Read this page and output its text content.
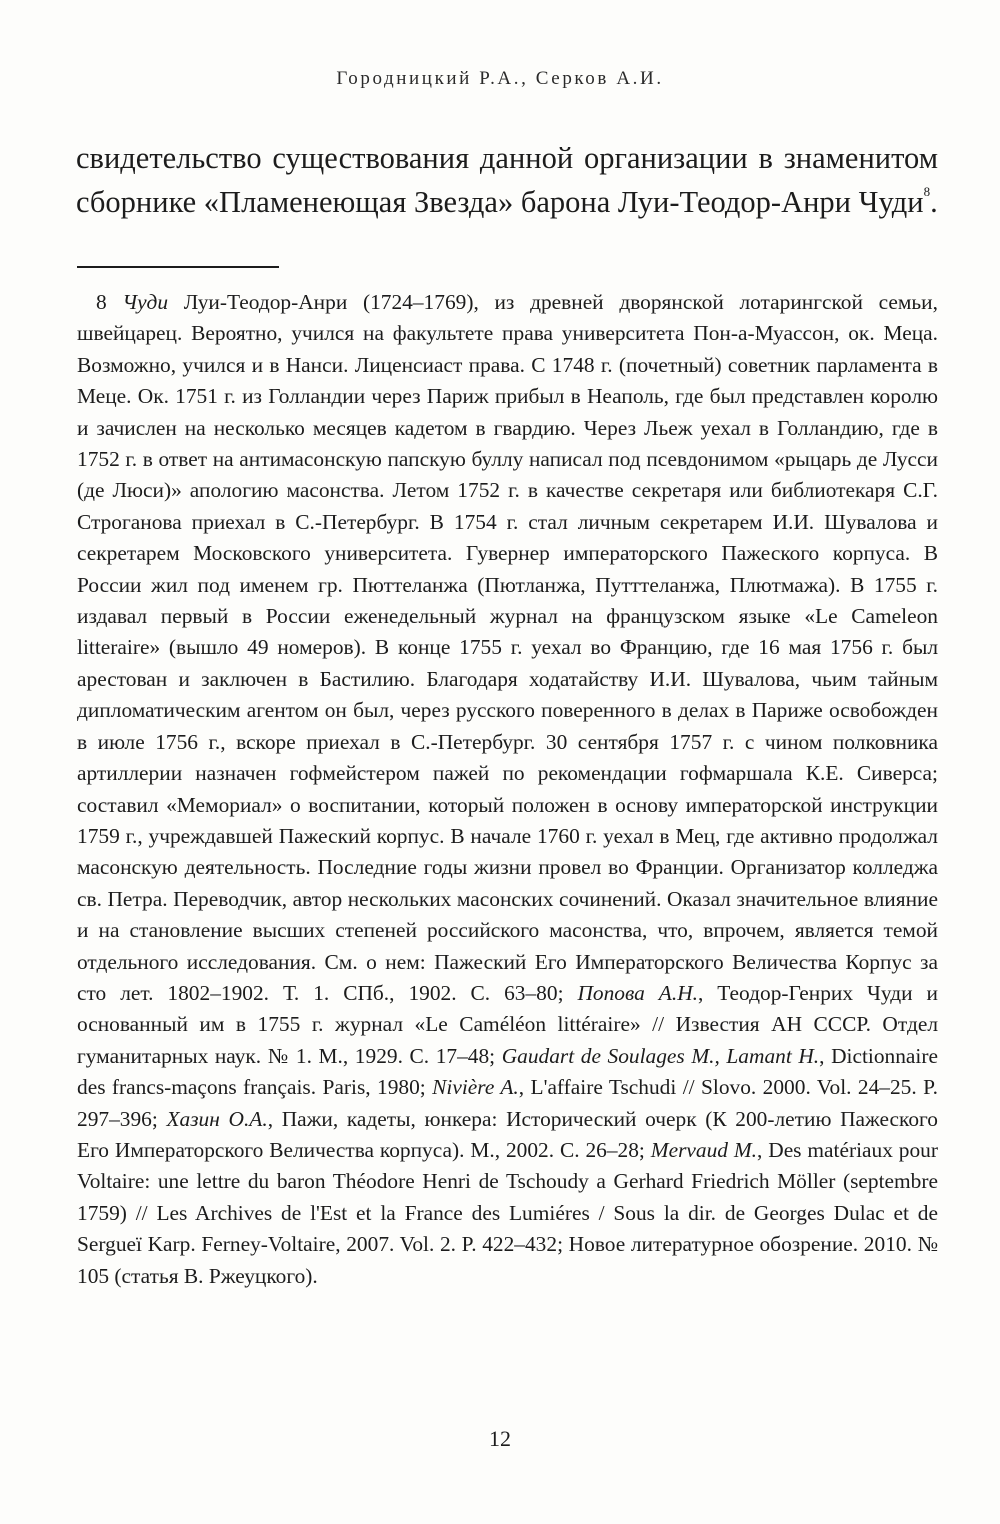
Городницкий Р.А., Серков А.И.
свидетельство существования данной организации в знаменитом сборнике «Пламенеющая Звезда» барона Луи-Теодор-Анри Чуди$^8$.

8 Чуди Луи-Теодор-Анри (1724–1769), из древней дворянской лотарингской семьи, швейцарец. Вероятно, учился на факультете права университета Пон-а-Муассон, ок. Меца. Возможно, учился и в Нанси. Лиценсиаст права. С 1748 г. (почетный) советник парламента в Меце. Ок. 1751 г. из Голландии через Париж прибыл в Неаполь, где был представлен королю и зачислен на несколько месяцев кадетом в гвардию. Через Льеж уехал в Голландию, где в 1752 г. в ответ на антимасонскую папскую буллу написал под псевдонимом «рыцарь де Лусси (де Люси)» апологию масонства. Летом 1752 г. в качестве секретаря или библиотекаря С.Г. Строганова приехал в С.-Петербург. В 1754 г. стал личным секретарем И.И. Шувалова и секретарем Московского университета. Гувернер императорского Пажеского корпуса. В России жил под именем гр. Пюттеланжа (Пютланжа, Путттеланжа, Плютмажа). В 1755 г. издавал первый в России еженедельный журнал на французском языке «Le Cameleon litteraire» (вышло 49 номеров). В конце 1755 г. уехал во Францию, где 16 мая 1756 г. был арестован и заключен в Бастилию. Благодаря ходатайству И.И. Шувалова, чьим тайным дипломатическим агентом он был, через русского поверенного в делах в Париже освобожден в июле 1756 г., вскоре приехал в С.-Петербург. 30 сентября 1757 г. с чином полковника артиллерии назначен гофмейстером пажей по рекомендации гофмаршала К.Е. Сиверса; составил «Мемориал» о воспитании, который положен в основу императорской инструкции 1759 г., учреждавшей Пажеский корпус. В начале 1760 г. уехал в Мец, где активно продолжал масонскую деятельность. Последние годы жизни провел во Франции. Организатор колледжа св. Петра. Переводчик, автор нескольких масонских сочинений. Оказал значительное влияние и на становление высших степеней российского масонства, что, впрочем, является темой отдельного исследования. См. о нем: Пажеский Его Императорского Величества Корпус за сто лет. 1802–1902. Т. 1. СПб., 1902. С. 63–80; Попова А.Н., Теодор-Генрих Чуди и основанный им в 1755 г. журнал «Le Caméléon littéraire» // Известия АН СССР. Отдел гуманитарных наук. № 1. М., 1929. С. 17–48; Gaudart de Soulages M., Lamant H., Dictionnaire des francs-maçons français. Paris, 1980; Nivière A., L'affaire Tschudi // Slovo. 2000. Vol. 24–25. P. 297–396; Хазин О.А., Пажи, кадеты, юнкера: Исторический очерк (К 200-летию Пажеского Его Императорского Величества корпуса). М., 2002. С. 26–28; Mervaud M., Des matériaux pour Voltaire: une lettre du baron Théodore Henri de Tschoudy a Gerhard Friedrich Möller (septembre 1759) // Les Archives de l'Est et la France des Lumiéres / Sous la dir. de Georges Dulac et de Sergueï Karp. Ferney-Voltaire, 2007. Vol. 2. P. 422–432; Новое литературное обозрение. 2010. № 105 (статья В. Ржеуцкого).

12
